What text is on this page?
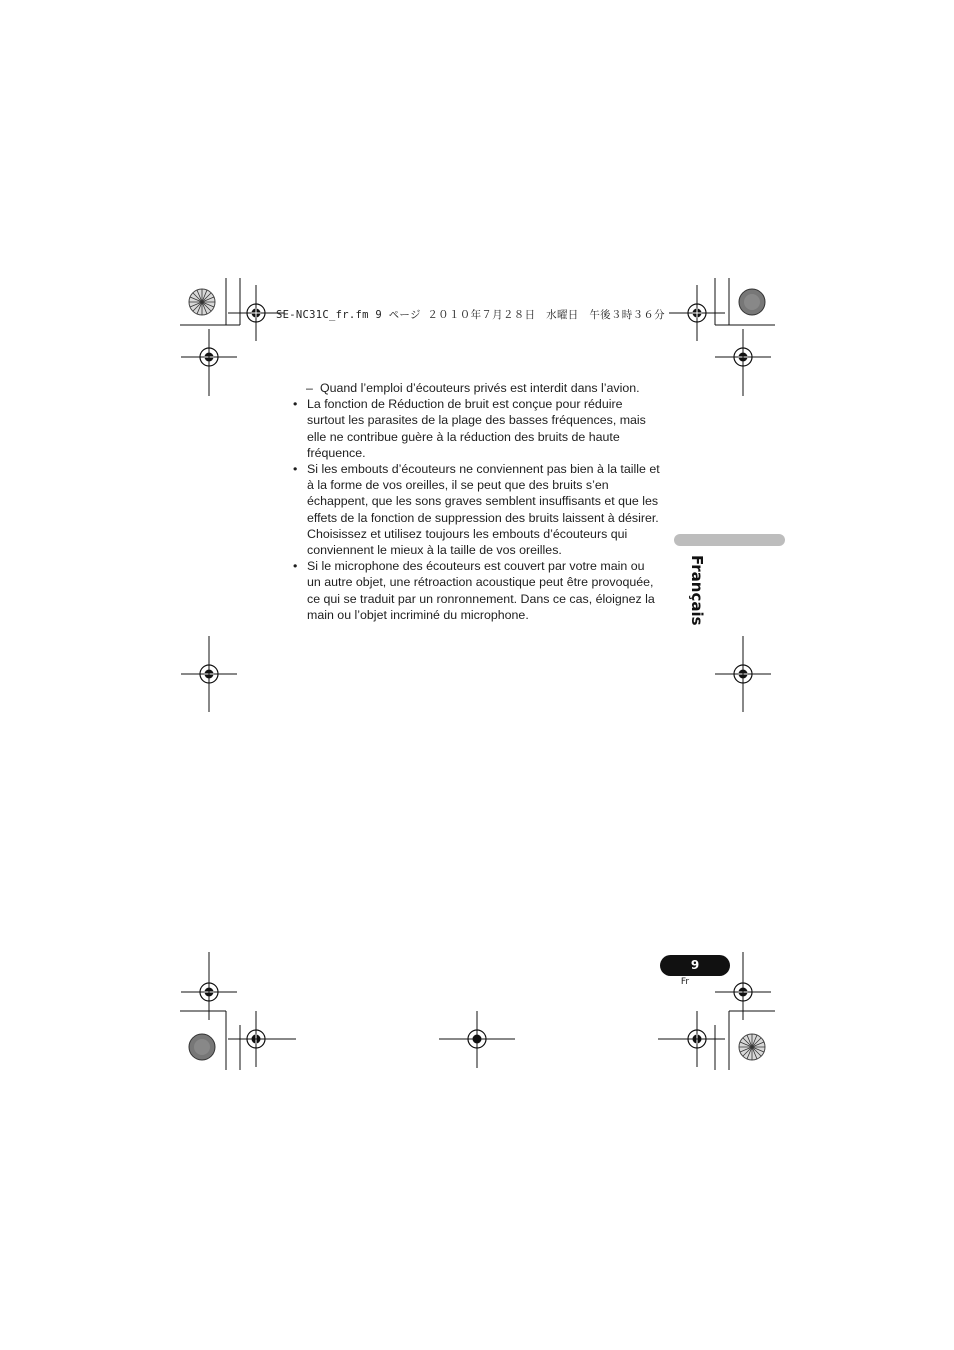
SE-NC31C_fr.fm 9 ページ ２０１０年７月２８日　水曜日　午後３時３６分

– Quand l’emploi d’écouteurs privés est interdit dans l’avion.

• La fonction de Réduction de bruit est conçue pour réduire surtout les parasites de la plage des basses fréquences, mais elle ne contribue guère à la réduction des bruits de haute fréquence.

• Si les embouts d’écouteurs ne conviennent pas bien à la taille et à la forme de vos oreilles, il se peut que des bruits s’en échappent, que les sons graves semblent insuffisants et que les effets de la fonction de suppression des bruits laissent à désirer. Choisissez et utilisez toujours les embouts d’écouteurs qui conviennent le mieux à la taille de vos oreilles.

• Si le microphone des écouteurs est couvert par votre main ou un autre objet, une rétroaction acoustique peut être provoquée, ce qui se traduit par un ronronnement. Dans ce cas, éloignez la main ou l’objet incriminé du microphone.	Français
9
Fr
